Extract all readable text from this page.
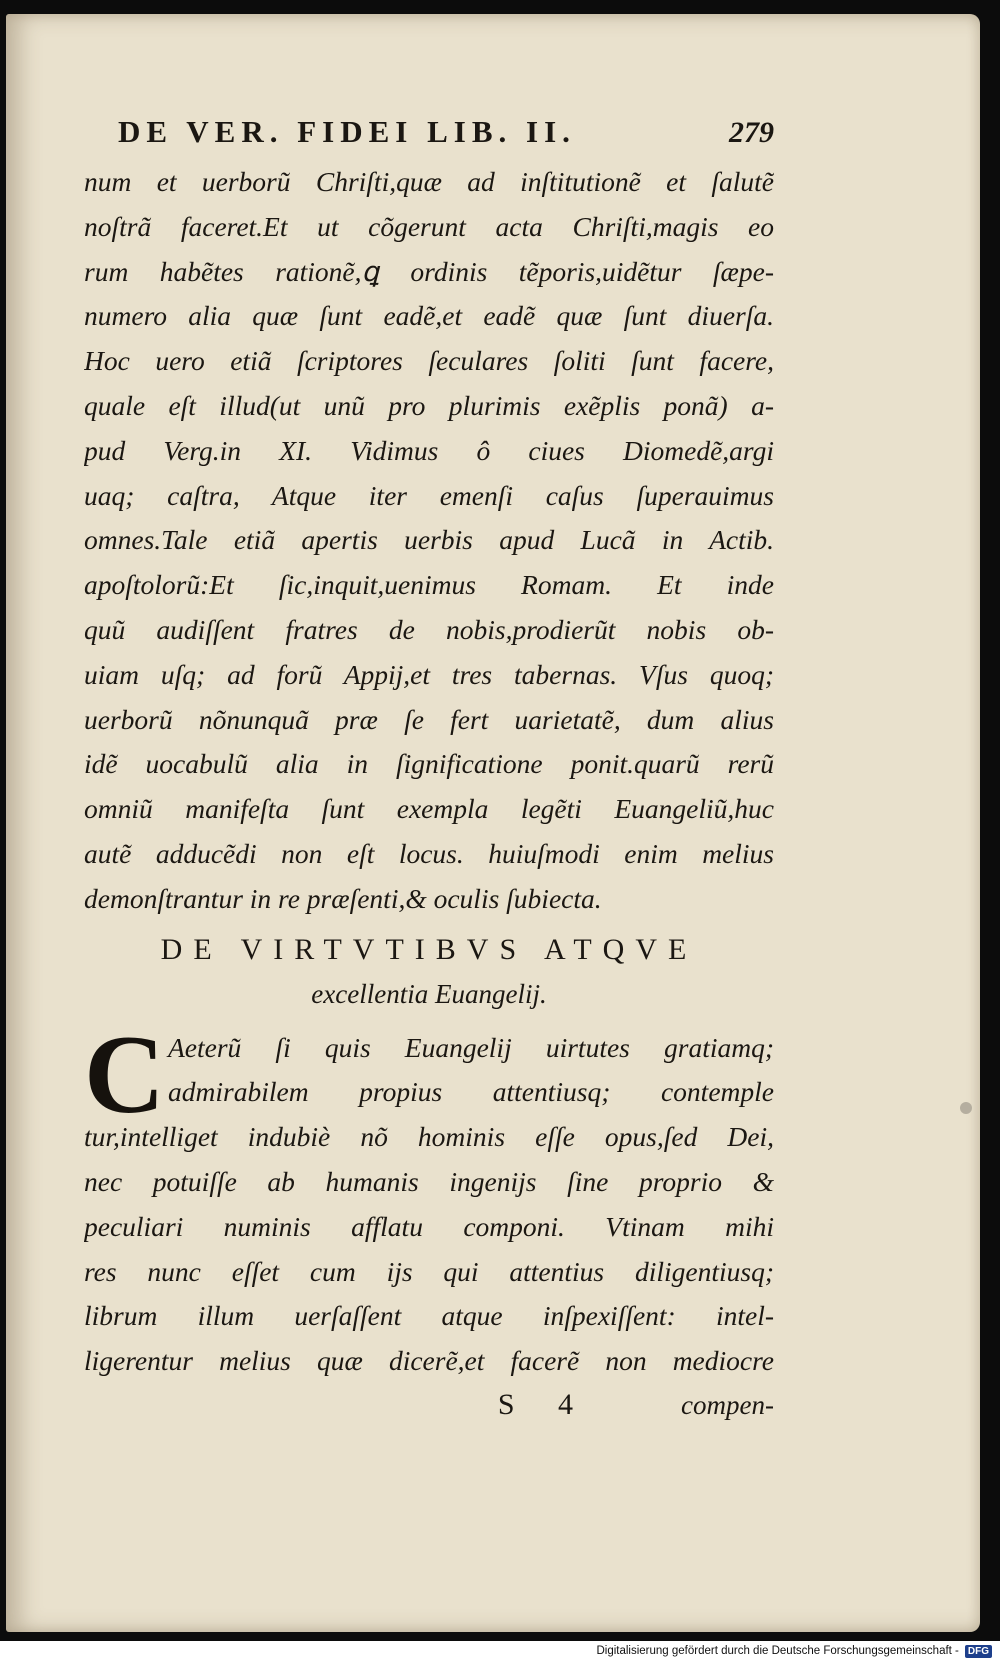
DE VER. FIDEI LIB. II.	279
num et uerborũ Chriſti,quæ ad inſtitutionẽ et ſalutẽ
noſtrã faceret.Et ut cõgerunt acta Chriſti,magis eo
rum habẽtes rationẽ,ꝗ ordinis tẽporis,uidẽtur ſæpe-
numero alia quæ ſunt eadẽ,et eadẽ quæ ſunt diuerſa.
Hoc uero etiã ſcriptores ſeculares ſoliti ſunt facere,
quale eſt illud(ut unũ pro plurimis exẽplis ponã) a-
pud Verg.in XI. Vidimus ô ciues Diomedẽ,argi
uaq; caſtra, Atque iter emenſi caſus ſuperauimus
omnes.Tale etiã apertis uerbis apud Lucã in Actib.
apoſtolorũ:Et ſic,inquit,uenimus Romam. Et inde
quũ audiſſent fratres de nobis,prodierũt nobis ob-
uiam uſq; ad forũ Appij,et tres tabernas. Vſus quoq;
uerborũ nõnunquã præ ſe fert uarietatẽ, dum alius
idẽ uocabulũ alia in ſignificatione ponit.quarũ rerũ
omniũ manifeſta ſunt exempla legẽti Euangeliũ,huc
autẽ adducẽdi non eſt locus. huiuſmodi enim melius
demonſtrantur in re præſenti,& oculis ſubiecta.
DE VIRTVTIBVS ATQVE
excellentia Euangelij.
C Aeterũ ſi quis Euangelij uirtutes gratiamq;
admirabilem propius attentiusq; contemple
tur,intelliget indubiè nõ hominis eſſe opus,ſed Dei,
nec potuiſſe ab humanis ingenijs ſine proprio &
peculiari numinis afflatu componi. Vtinam mihi
res nunc eſſet cum ijs qui attentius diligentiusq;
librum illum uerſaſſent atque inſpexiſſent: intel-
ligerentur melius quæ dicerẽ,et facerẽ non mediocre
S 4	compen-
Digitalisierung gefördert durch die Deutsche Forschungsgemeinschaft - DFG
